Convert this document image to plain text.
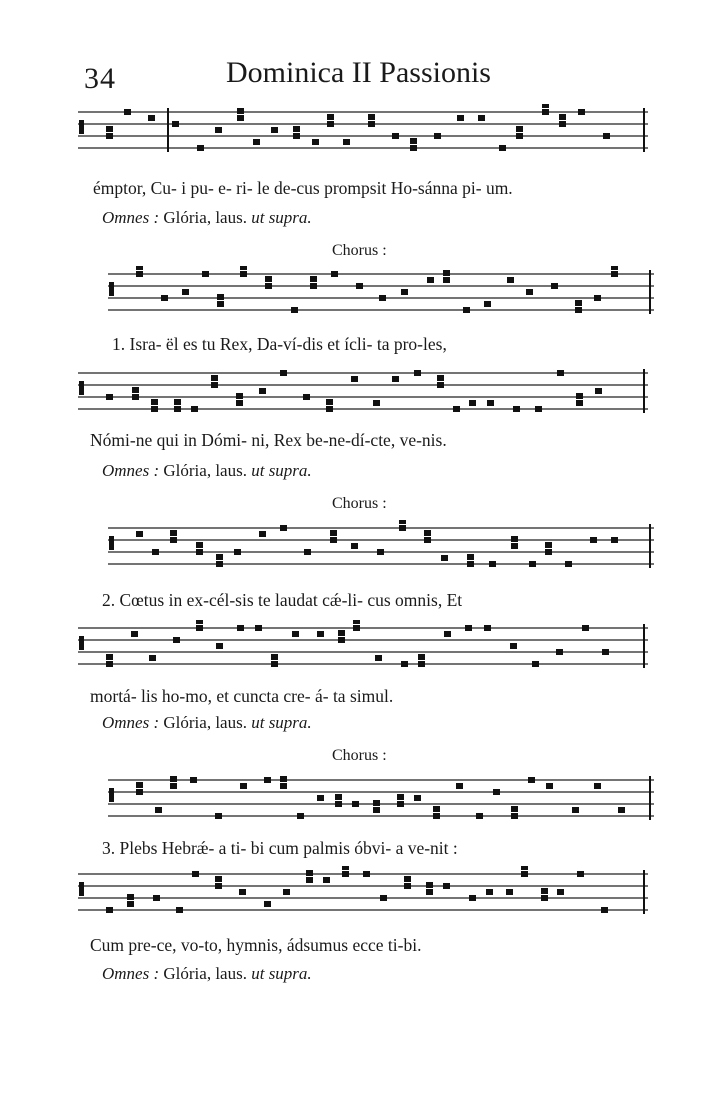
34	Dominica II Passionis

émptor, Cu- i pu- e- ri- le de-cus prompsit Ho-sánna pi- um.

Omnes : Glória, laus. ut supra.

Chorus :

1. Isra- ël es tu Rex, Da-ví-dis et ícli- ta pro-les,

Nómi-ne qui in Dómi- ni, Rex be-ne-dí-cte, ve-nis.

Omnes : Glória, laus. ut supra.

Chorus :

2. Cœtus in ex-cél-sis te laudat cǽ-li- cus omnis, Et

mortá- lis ho-mo, et cuncta cre- á- ta simul.

Omnes : Glória, laus. ut supra.

Chorus :

3. Plebs Hebrǽ- a ti- bi cum palmis óbvi- a ve-nit :

Cum pre-ce, vo-to, hymnis, ádsumus ecce ti-bi.

Omnes : Glória, laus. ut supra.
